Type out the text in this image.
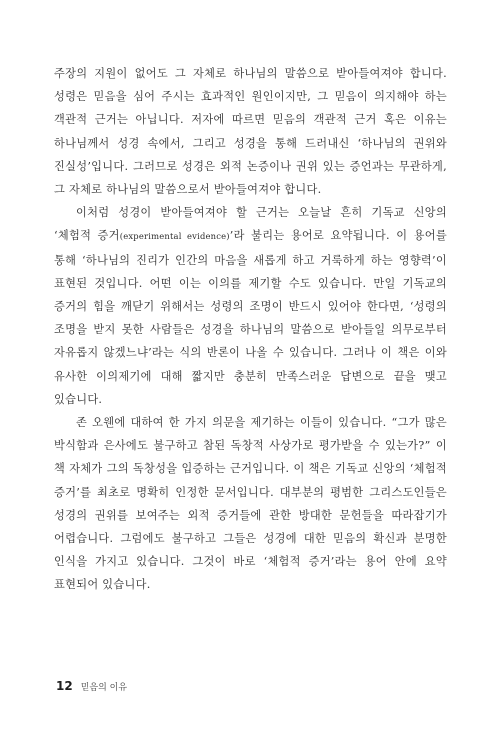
주장의 지원이 없어도 그 자체로 하나님의 말씀으로 받아들여져야 합니다. 성령은 믿음을 심어 주시는 효과적인 원인이지만, 그 믿음이 의지해야 하는 객관적 근거는 아닙니다. 저자에 따르면 믿음의 객관적 근거 혹은 이유는 하나님께서 성경 속에서, 그리고 성경을 통해 드러내신 ‘하나님의 권위와 진실성’입니다. 그러므로 성경은 외적 논증이나 권위 있는 증언과는 무관하게, 그 자체로 하나님의 말씀으로서 받아들여져야 합니다.

이처럼 성경이 받아들여져야 할 근거는 오늘날 흔히 기독교 신앙의 ‘체험적 증거(experimental evidence)’라 불리는 용어로 요약됩니다. 이 용어를 통해 ‘하나님의 진리가 인간의 마음을 새롭게 하고 거룩하게 하는 영향력’이 표현된 것입니다. 어떤 이는 이의를 제기할 수도 있습니다. 만일 기독교의 증거의 힘을 깨닫기 위해서는 성령의 조명이 반드시 있어야 한다면, ‘성령의 조명을 받지 못한 사람들은 성경을 하나님의 말씀으로 받아들일 의무로부터 자유롭지 않겠느냐’라는 식의 반론이 나올 수 있습니다. 그러나 이 책은 이와 유사한 이의제기에 대해 짧지만 충분히 만족스러운 답변으로 끝을 맺고 있습니다.

존 오웬에 대하여 한 가지 의문을 제기하는 이들이 있습니다. “그가 많은 박식함과 은사에도 불구하고 참된 독창적 사상가로 평가받을 수 있는가?” 이 책 자체가 그의 독창성을 입증하는 근거입니다. 이 책은 기독교 신앙의 ‘체험적 증거’를 최초로 명확히 인정한 문서입니다. 대부분의 평범한 그리스도인들은 성경의 권위를 보여주는 외적 증거들에 관한 방대한 문헌들을 따라잡기가 어렵습니다. 그럼에도 불구하고 그들은 성경에 대한 믿음의 확신과 분명한 인식을 가지고 있습니다. 그것이 바로 ‘체험적 증거’라는 용어 안에 요약 표현되어 있습니다.

12 믿음의 이유
